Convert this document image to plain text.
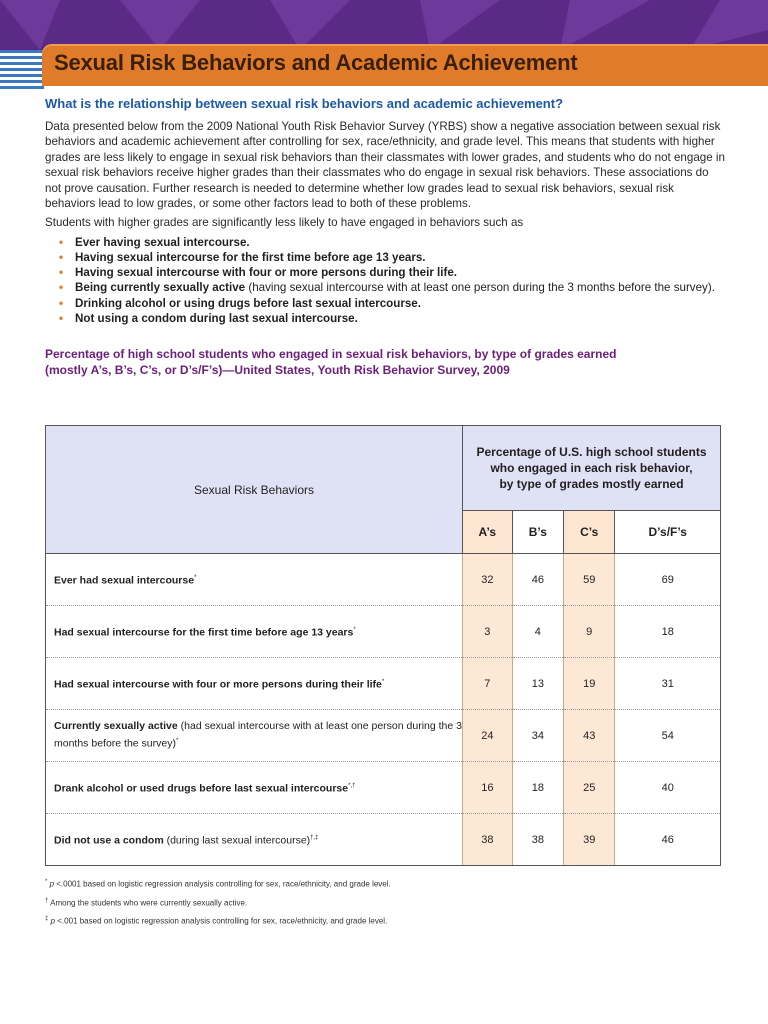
Sexual Risk Behaviors and Academic Achievement

What is the relationship between sexual risk behaviors and academic achievement?

Data presented below from the 2009 National Youth Risk Behavior Survey (YRBS) show a negative association between sexual risk behaviors and academic achievement after controlling for sex, race/ethnicity, and grade level. This means that students with higher grades are less likely to engage in sexual risk behaviors than their classmates with lower grades, and students who do not engage in sexual risk behaviors receive higher grades than their classmates who do engage in sexual risk behaviors. These associations do not prove causation. Further research is needed to determine whether low grades lead to sexual risk behaviors, sexual risk behaviors lead to low grades, or some other factors lead to both of these problems.

Students with higher grades are significantly less likely to have engaged in behaviors such as

• Ever having sexual intercourse.
• Having sexual intercourse for the first time before age 13 years.
• Having sexual intercourse with four or more persons during their life.
• Being currently sexually active (having sexual intercourse with at least one person during the 3 months before the survey).
• Drinking alcohol or using drugs before last sexual intercourse.
• Not using a condom during last sexual intercourse.

Percentage of high school students who engaged in sexual risk behaviors, by type of grades earned
(mostly A’s, B’s, C’s, or D’s/F’s)—United States, Youth Risk Behavior Survey, 2009

Sexual Risk Behaviors	Percentage of U.S. high school students
who engaged in each risk behavior,
by type of grades mostly earned			
	A’s	B’s	C’s	D’s/F’s
Ever had sexual intercourse*	32	46	59	69
Had sexual intercourse for the first time before age 13 years*	3	4	9	18
Had sexual intercourse with four or more persons during their life*	7	13	19	31
Currently sexually active (had sexual intercourse with at least one person during the 3 months before the survey)*	24	34	43	54
Drank alcohol or used drugs before last sexual intercourse*,†	16	18	25	40
Did not use a condom (during last sexual intercourse)†,‡	38	38	39	46

* p <.0001 based on logistic regression analysis controlling for sex, race/ethnicity, and grade level.

† Among the students who were currently sexually active.

‡ p <.001 based on logistic regression analysis controlling for sex, race/ethnicity, and grade level.
